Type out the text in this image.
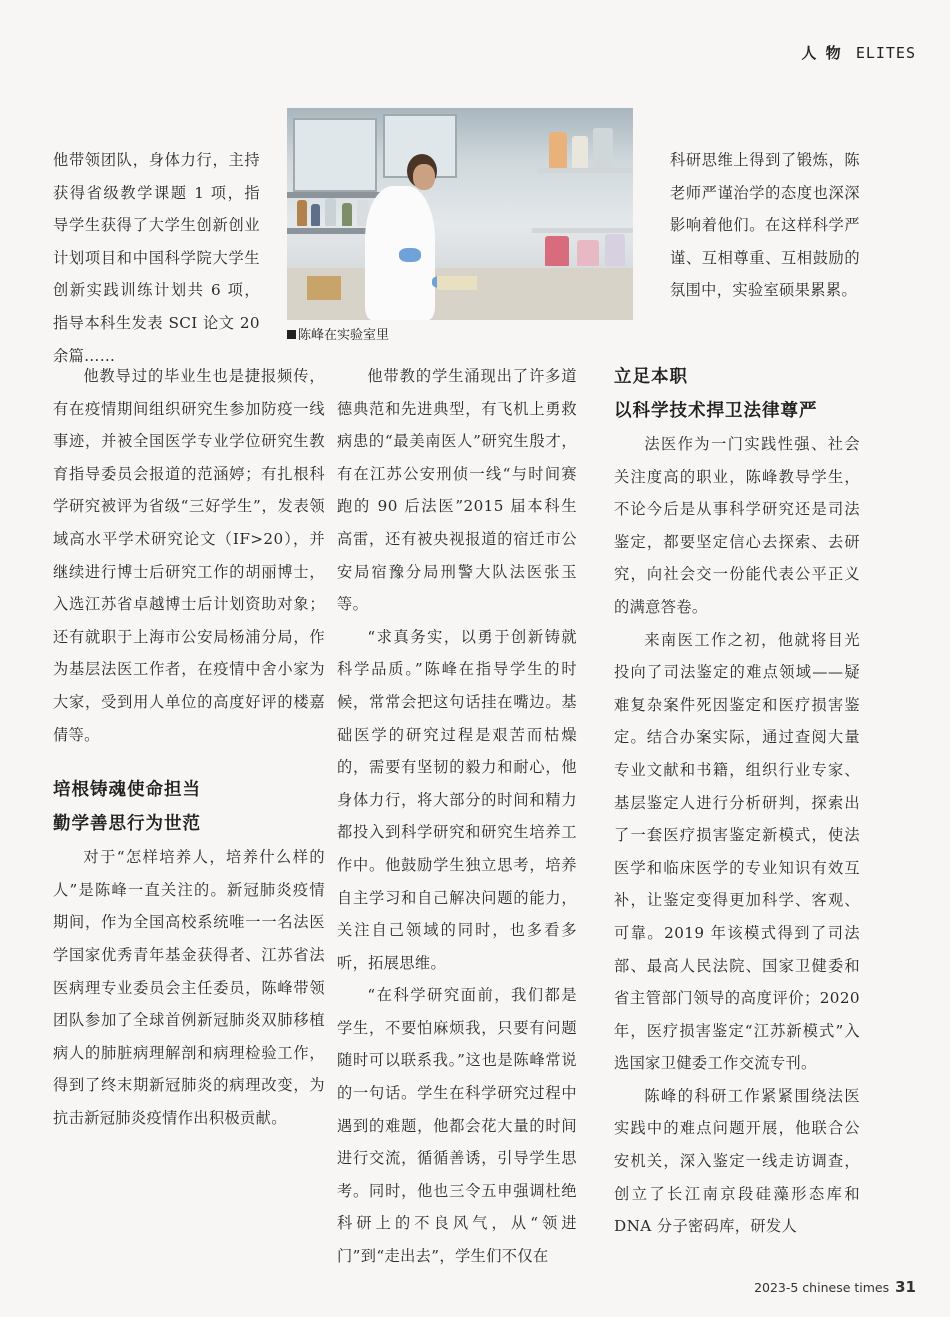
人 物 ELITES
陈峰在实验室里

他带领团队，身体力行，主持获得省级教学课题 1 项，指导学生获得了大学生创新创业计划项目和中国科学院大学生创新实践训练计划共 6 项，指导本科生发表 SCI 论文 20 余篇……

他教导过的毕业生也是捷报频传，有在疫情期间组织研究生参加防疫一线事迹，并被全国医学专业学位研究生教育指导委员会报道的范涵婷；有扎根科学研究被评为省级“三好学生”，发表领域高水平学术研究论文（IF>20），并继续进行博士后研究工作的胡丽博士，入选江苏省卓越博士后计划资助对象；还有就职于上海市公安局杨浦分局，作为基层法医工作者，在疫情中舍小家为大家，受到用人单位的高度好评的楼嘉倩等。

培根铸魂使命担当
勤学善思行为世范

对于“怎样培养人，培养什么样的人”是陈峰一直关注的。新冠肺炎疫情期间，作为全国高校系统唯一一名法医学国家优秀青年基金获得者、江苏省法医病理专业委员会主任委员，陈峰带领团队参加了全球首例新冠肺炎双肺移植病人的肺脏病理解剖和病理检验工作，得到了终末期新冠肺炎的病理改变，为抗击新冠肺炎疫情作出积极贡献。

他带教的学生涌现出了许多道德典范和先进典型，有飞机上勇救病患的“最美南医人”研究生殷才，有在江苏公安刑侦一线“与时间赛跑的 90 后法医”2015 届本科生高雷，还有被央视报道的宿迁市公安局宿豫分局刑警大队法医张玉等。

“求真务实，以勇于创新铸就科学品质。”陈峰在指导学生的时候，常常会把这句话挂在嘴边。基础医学的研究过程是艰苦而枯燥的，需要有坚韧的毅力和耐心，他身体力行，将大部分的时间和精力都投入到科学研究和研究生培养工作中。他鼓励学生独立思考，培养自主学习和自己解决问题的能力，关注自己领域的同时，也多看多听，拓展思维。

“在科学研究面前，我们都是学生，不要怕麻烦我，只要有问题随时可以联系我。”这也是陈峰常说的一句话。学生在科学研究过程中遇到的难题，他都会花大量的时间进行交流，循循善诱，引导学生思考。同时，他也三令五申强调杜绝科研上的不良风气，从“领进门”到“走出去”，学生们不仅在

科研思维上得到了锻炼，陈老师严谨治学的态度也深深影响着他们。在这样科学严谨、互相尊重、互相鼓励的氛围中，实验室硕果累累。

立足本职
以科学技术捍卫法律尊严

法医作为一门实践性强、社会关注度高的职业，陈峰教导学生，不论今后是从事科学研究还是司法鉴定，都要坚定信心去探索、去研究，向社会交一份能代表公平正义的满意答卷。

来南医工作之初，他就将目光投向了司法鉴定的难点领域——疑难复杂案件死因鉴定和医疗损害鉴定。结合办案实际，通过查阅大量专业文献和书籍，组织行业专家、基层鉴定人进行分析研判，探索出了一套医疗损害鉴定新模式，使法医学和临床医学的专业知识有效互补，让鉴定变得更加科学、客观、可靠。2019 年该模式得到了司法部、最高人民法院、国家卫健委和省主管部门领导的高度评价；2020 年，医疗损害鉴定“江苏新模式”入选国家卫健委工作交流专刊。

陈峰的科研工作紧紧围绕法医实践中的难点问题开展，他联合公安机关，深入鉴定一线走访调查，创立了长江南京段硅藻形态库和 DNA 分子密码库，研发人

2023-5 chinese times 31
